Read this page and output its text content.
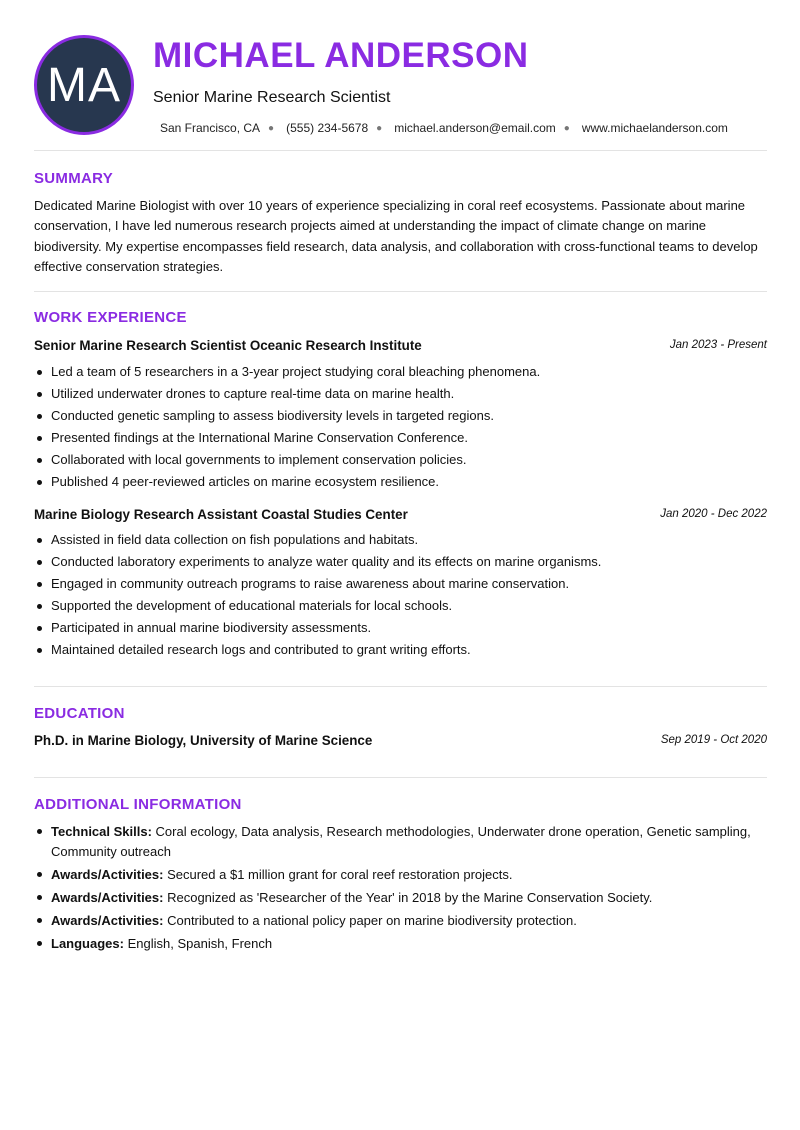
MA
MICHAEL ANDERSON
Senior Marine Research Scientist
San Francisco, CA ● (555) 234-5678 ● michael.anderson@email.com ● www.michaelanderson.com
SUMMARY

Dedicated Marine Biologist with over 10 years of experience specializing in coral reef ecosystems. Passionate about marine conservation, I have led numerous research projects aimed at understanding the impact of climate change on marine biodiversity. My expertise encompasses field research, data analysis, and collaboration with cross-functional teams to develop effective conservation strategies.

WORK EXPERIENCE
Senior Marine Research Scientist Oceanic Research Institute	Jan 2023 - Present
Led a team of 5 researchers in a 3-year project studying coral bleaching phenomena.
Utilized underwater drones to capture real-time data on marine health.
Conducted genetic sampling to assess biodiversity levels in targeted regions.
Presented findings at the International Marine Conservation Conference.
Collaborated with local governments to implement conservation policies.
Published 4 peer-reviewed articles on marine ecosystem resilience.
Marine Biology Research Assistant Coastal Studies Center	Jan 2020 - Dec 2022
Assisted in field data collection on fish populations and habitats.
Conducted laboratory experiments to analyze water quality and its effects on marine organisms.
Engaged in community outreach programs to raise awareness about marine conservation.
Supported the development of educational materials for local schools.
Participated in annual marine biodiversity assessments.
Maintained detailed research logs and contributed to grant writing efforts.
EDUCATION
Ph.D. in Marine Biology, University of Marine Science	Sep 2019 - Oct 2020
ADDITIONAL INFORMATION
Technical Skills: Coral ecology, Data analysis, Research methodologies, Underwater drone operation, Genetic sampling, Community outreach
Awards/Activities: Secured a $1 million grant for coral reef restoration projects.
Awards/Activities: Recognized as 'Researcher of the Year' in 2018 by the Marine Conservation Society.
Awards/Activities: Contributed to a national policy paper on marine biodiversity protection.
Languages: English, Spanish, French
